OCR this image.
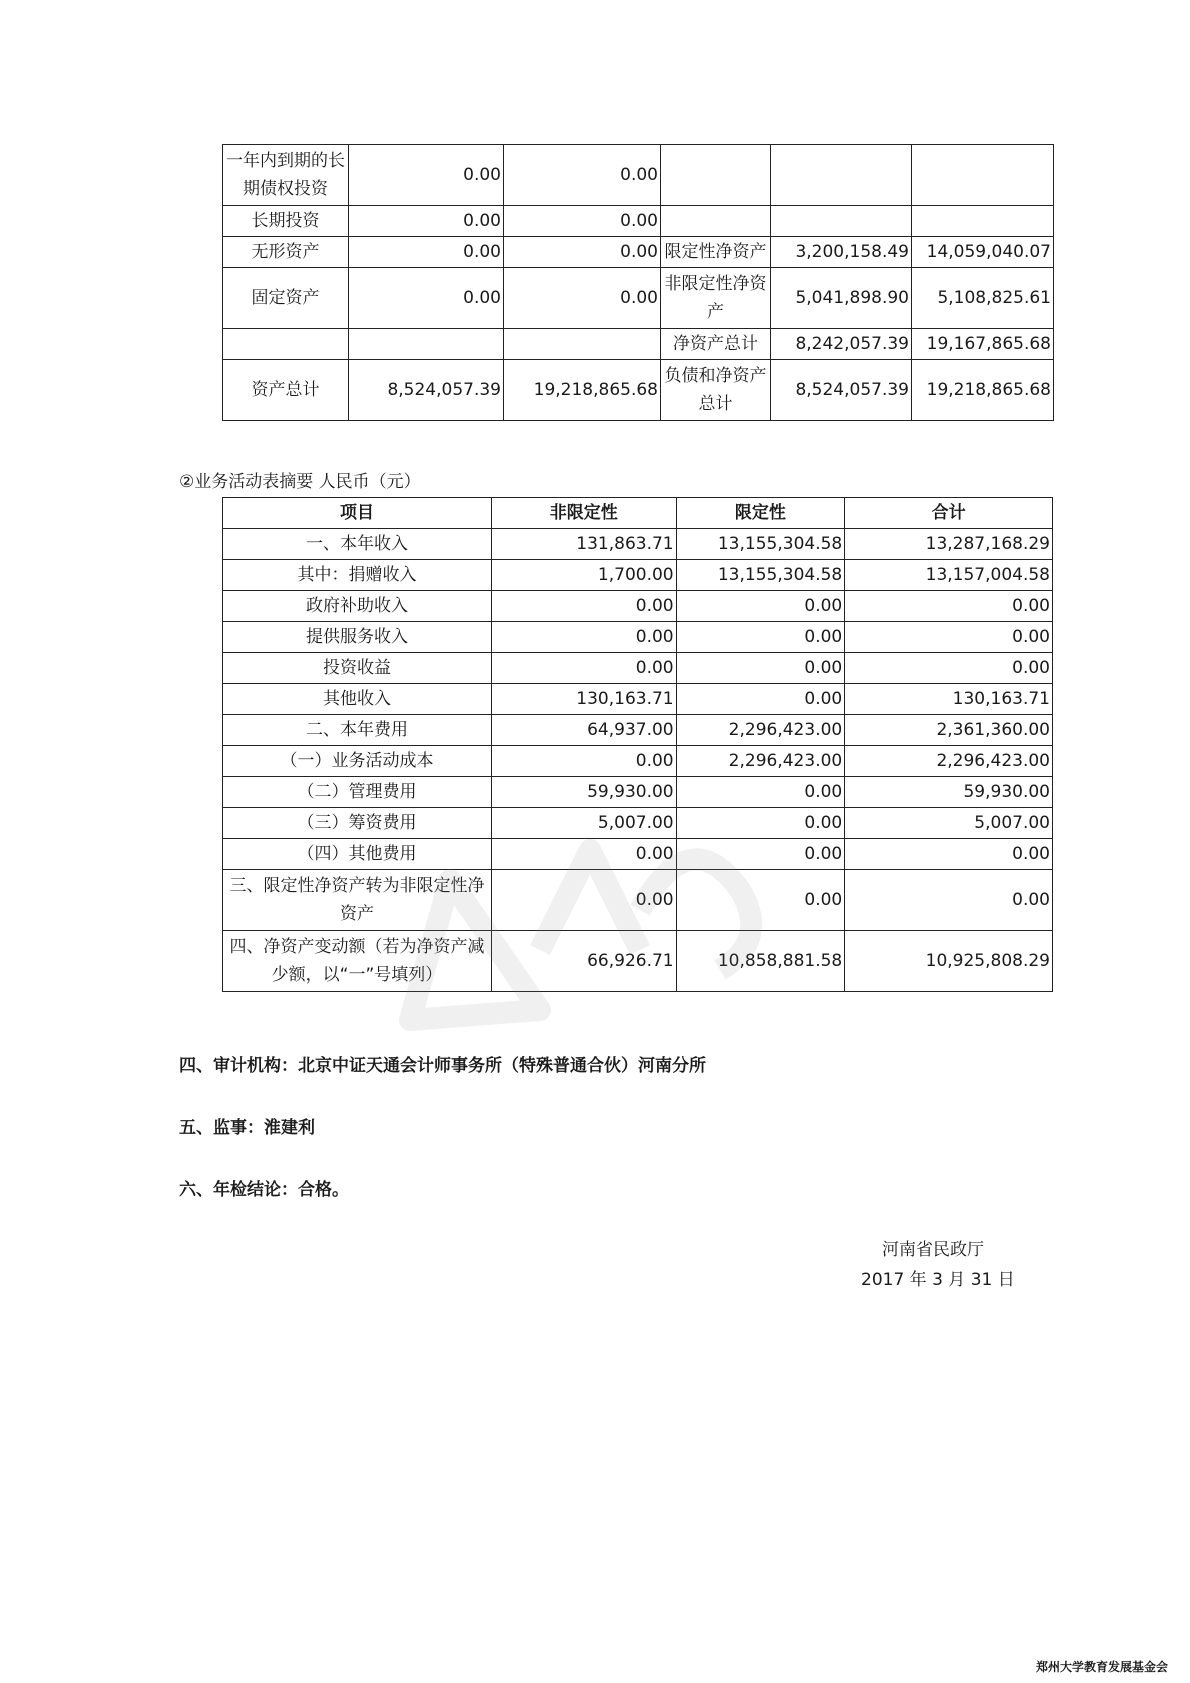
一年内到期的长期债权投资	0.00	0.00			
长期投资	0.00	0.00			
无形资产	0.00	0.00	限定性净资产	3,200,158.49	14,059,040.07
固定资产	0.00	0.00	非限定性净资产	5,041,898.90	5,108,825.61
			净资产总计	8,242,057.39	19,167,865.68
资产总计	8,524,057.39	19,218,865.68	负债和净资产总计	8,524,057.39	19,218,865.68
②业务活动表摘要 人民币（元）
项目	非限定性	限定性	合计
一、本年收入	131,863.71	13,155,304.58	13,287,168.29
其中：捐赠收入	1,700.00	13,155,304.58	13,157,004.58
政府补助收入	0.00	0.00	0.00
提供服务收入	0.00	0.00	0.00
投资收益	0.00	0.00	0.00
其他收入	130,163.71	0.00	130,163.71
二、本年费用	64,937.00	2,296,423.00	2,361,360.00
（一）业务活动成本	0.00	2,296,423.00	2,296,423.00
（二）管理费用	59,930.00	0.00	59,930.00
（三）筹资费用	5,007.00	0.00	5,007.00
（四）其他费用	0.00	0.00	0.00
三、限定性净资产转为非限定性净资产	0.00	0.00	0.00
四、净资产变动额（若为净资产减少额，以“一”号填列）	66,926.71	10,858,881.58	10,925,808.29
四、审计机构：北京中证天通会计师事务所（特殊普通合伙）河南分所
五、监事：淮建利
六、年检结论：合格。
河南省民政厅
2017 年 3 月 31 日
郑州大学教育发展基金会
